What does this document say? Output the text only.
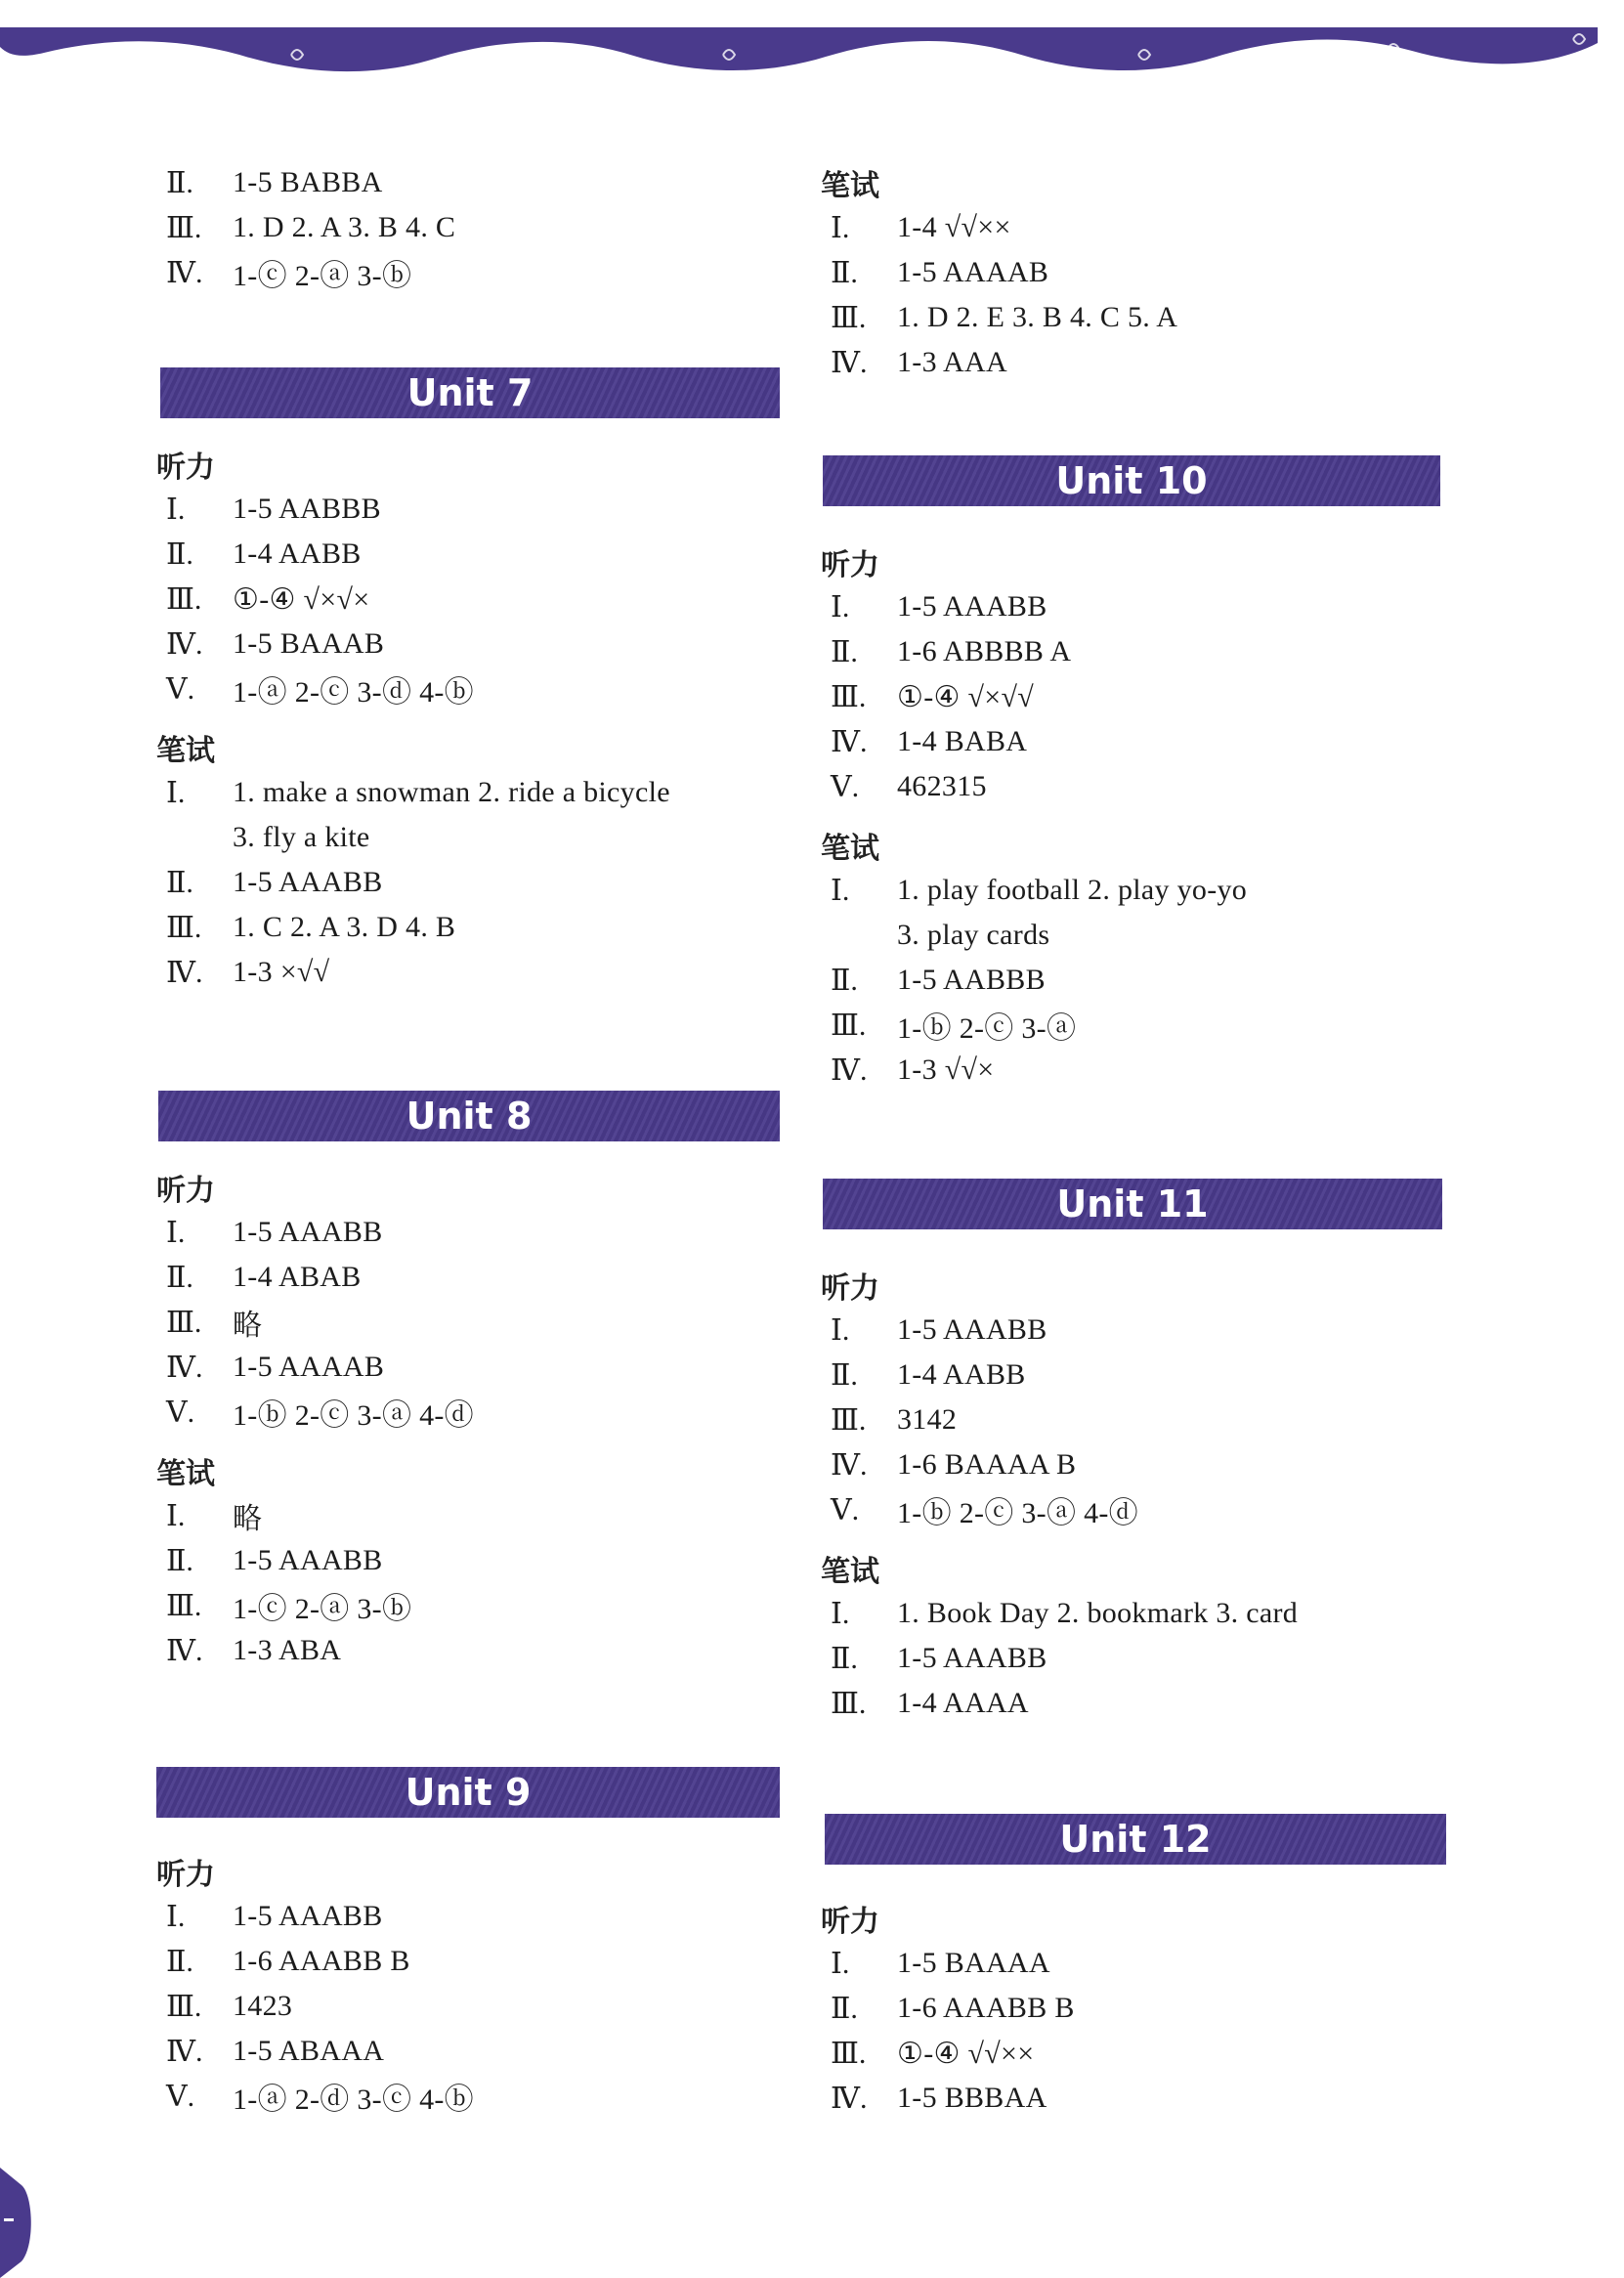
Ⅱ.	1-5 BABBA
Ⅲ.	1. D 2. A 3. B 4. C
Ⅳ.	1-ⓒ 2-ⓐ 3-ⓑ
Unit 7
听力
Ⅰ.	1-5 AABBB
Ⅱ.	1-4 AABB
Ⅲ.	①-④ √×√×
Ⅳ.	1-5 BAAAB
Ⅴ.	1-ⓐ 2-ⓒ 3-ⓓ 4-ⓑ
笔试
Ⅰ.	1. make a snowman 2. ride a bicycle
3. fly a kite
Ⅱ.	1-5 AAABB
Ⅲ.	1. C 2. A 3. D 4. B
Ⅳ.	1-3 ×√√
Unit 8
听力
Ⅰ.	1-5 AAABB
Ⅱ.	1-4 ABAB
Ⅲ.	略
Ⅳ.	1-5 AAAAB
Ⅴ.	1-ⓑ 2-ⓒ 3-ⓐ 4-ⓓ
笔试
Ⅰ.	略
Ⅱ.	1-5 AAABB
Ⅲ.	1-ⓒ 2-ⓐ 3-ⓑ
Ⅳ.	1-3 ABA
Unit 9
听力
Ⅰ.	1-5 AAABB
Ⅱ.	1-6 AAABB B
Ⅲ.	1423
Ⅳ.	1-5 ABAAA
Ⅴ.	1-ⓐ 2-ⓓ 3-ⓒ 4-ⓑ
笔试
Ⅰ.	1-4 √√××
Ⅱ.	1-5 AAAAB
Ⅲ.	1. D 2. E 3. B 4. C 5. A
Ⅳ.	1-3 AAA
Unit 10
听力
Ⅰ.	1-5 AAABB
Ⅱ.	1-6 ABBBB A
Ⅲ.	①-④ √×√√
Ⅳ.	1-4 BABA
Ⅴ.	462315
笔试
Ⅰ.	1. play football 2. play yo-yo
3. play cards
Ⅱ.	1-5 AABBB
Ⅲ.	1-ⓑ 2-ⓒ 3-ⓐ
Ⅳ.	1-3 √√×
Unit 11
听力
Ⅰ.	1-5 AAABB
Ⅱ.	1-4 AABB
Ⅲ.	3142
Ⅳ.	1-6 BAAAA B
Ⅴ.	1-ⓑ 2-ⓒ 3-ⓐ 4-ⓓ
笔试
Ⅰ.	1. Book Day 2. bookmark 3. card
Ⅱ.	1-5 AAABB
Ⅲ.	1-4 AAAA
Unit 12
听力
Ⅰ.	1-5 BAAAA
Ⅱ.	1-6 AAABB B
Ⅲ.	①-④ √√××
Ⅳ.	1-5 BBBAA
